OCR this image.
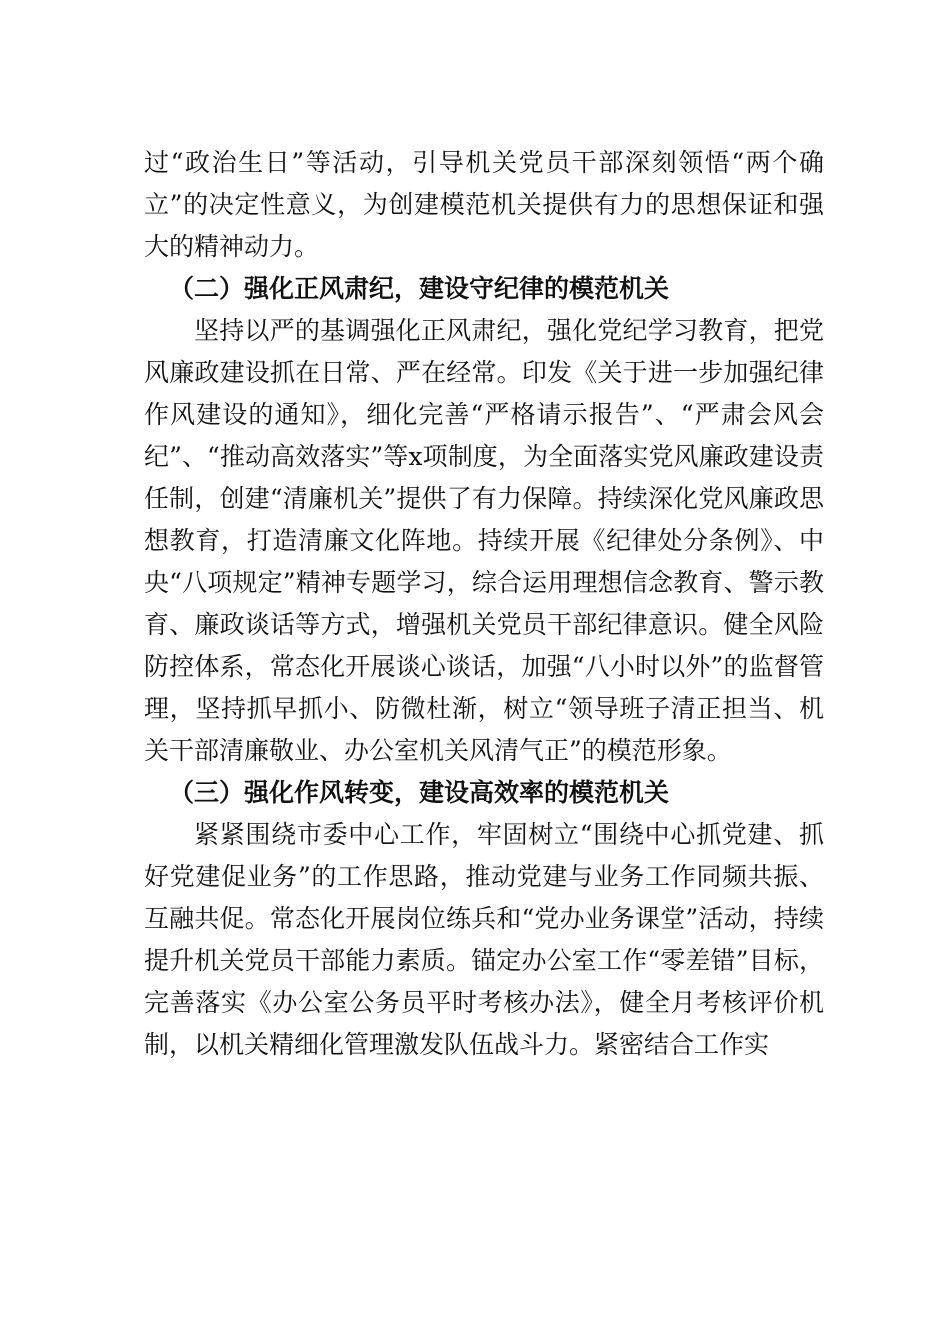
过“政治生日”等活动，引导机关党员干部深刻领悟“两个确立”的决定性意义，为创建模范机关提供有力的思想保证和强大的精神动力。

（二）强化正风肃纪，建设守纪律的模范机关

坚持以严的基调强化正风肃纪，强化党纪学习教育，把党风廉政建设抓在日常、严在经常。印发《关于进一步加强纪律作风建设的通知》，细化完善“严格请示报告”、“严肃会风会纪”、“推动高效落实”等x项制度，为全面落实党风廉政建设责任制，创建“清廉机关”提供了有力保障。持续深化党风廉政思想教育，打造清廉文化阵地。持续开展《纪律处分条例》、中央“八项规定”精神专题学习，综合运用理想信念教育、警示教育、廉政谈话等方式，增强机关党员干部纪律意识。健全风险防控体系，常态化开展谈心谈话，加强“八小时以外”的监督管理，坚持抓早抓小、防微杜渐，树立“领导班子清正担当、机关干部清廉敬业、办公室机关风清气正”的模范形象。

（三）强化作风转变，建设高效率的模范机关

紧紧围绕市委中心工作，牢固树立“围绕中心抓党建、抓好党建促业务”的工作思路，推动党建与业务工作同频共振、互融共促。常态化开展岗位练兵和“党办业务课堂”活动，持续提升机关党员干部能力素质。锚定办公室工作“零差错”目标，完善落实《办公室公务员平时考核办法》，健全月考核评价机制，以机关精细化管理激发队伍战斗力。紧密结合工作实
